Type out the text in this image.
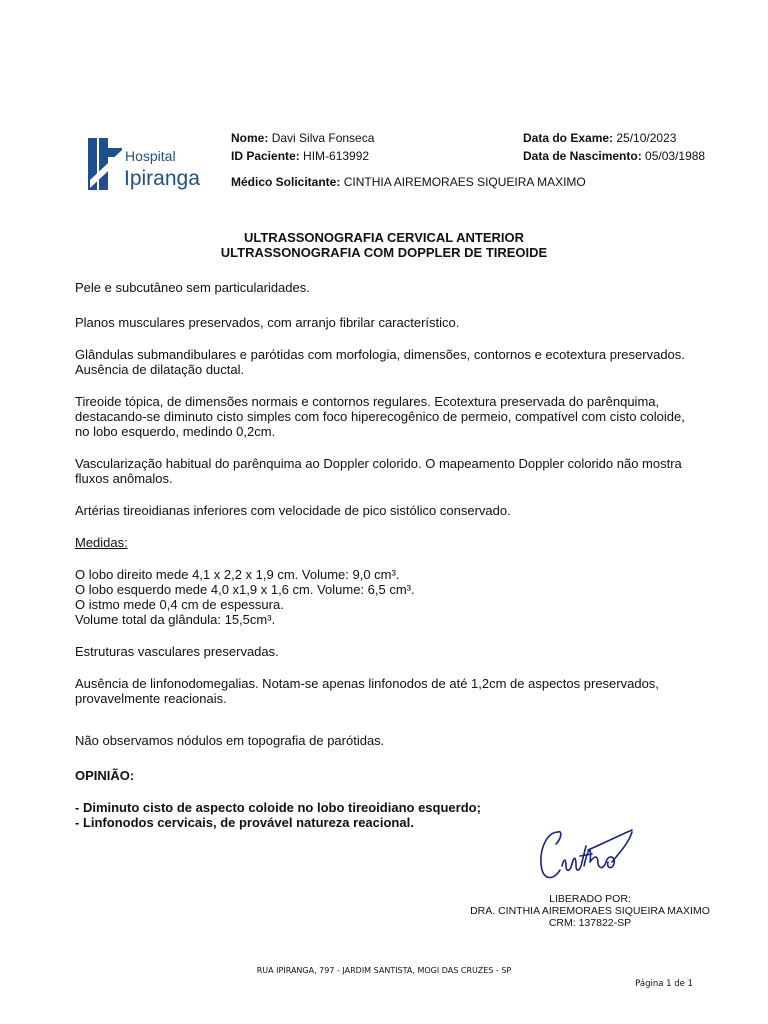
Hospital
Ipiranga
Nome: Davi Silva Fonseca	Data do Exame: 25/10/2023
ID Paciente: HIM-613992	Data de Nascimento: 05/03/1988
Médico Solicitante: CINTHIA AIREMORAES SIQUEIRA MAXIMO
ULTRASSONOGRAFIA CERVICAL ANTERIOR
ULTRASSONOGRAFIA COM DOPPLER DE TIREOIDE

Pele e subcutâneo sem particularidades.

Planos musculares preservados, com arranjo fibrilar característico.

Glândulas submandibulares e parótidas com morfologia, dimensões, contornos e ecotextura preservados.

Ausência de dilatação ductal.

Tireoide tópica, de dimensões normais e contornos regulares. Ecotextura preservada do parênquima,

destacando-se diminuto cisto simples com foco hiperecogênico de permeio, compatível com cisto coloide,

no lobo esquerdo, medindo 0,2cm.

Vascularização habitual do parênquima ao Doppler colorido. O mapeamento Doppler colorido não mostra

fluxos anômalos.

Artérias tireoidianas inferiores com velocidade de pico sistólico conservado.

Medidas:

O lobo direito mede 4,1 x 2,2 x 1,9 cm. Volume: 9,0 cm³.

O lobo esquerdo mede 4,0 x1,9 x 1,6 cm. Volume: 6,5 cm³.

O istmo mede 0,4 cm de espessura.

Volume total da glândula: 15,5cm³.

Estruturas vasculares preservadas.

Ausência de linfonodomegalias. Notam-se apenas linfonodos de até 1,2cm de aspectos preservados,

provavelmente reacionais.

Não observamos nódulos em topografia de parótidas.

OPINIÃO:

- Diminuto cisto de aspecto coloide no lobo tireoidiano esquerdo;

- Linfonodos cervicais, de provável natureza reacional.

LIBERADO POR:
DRA. CINTHIA AIREMORAES SIQUEIRA MAXIMO
CRM: 137822-SP
RUA IPIRANGA, 797 - JARDIM SANTISTA, MOGI DAS CRUZES - SP
Página 1 de 1
